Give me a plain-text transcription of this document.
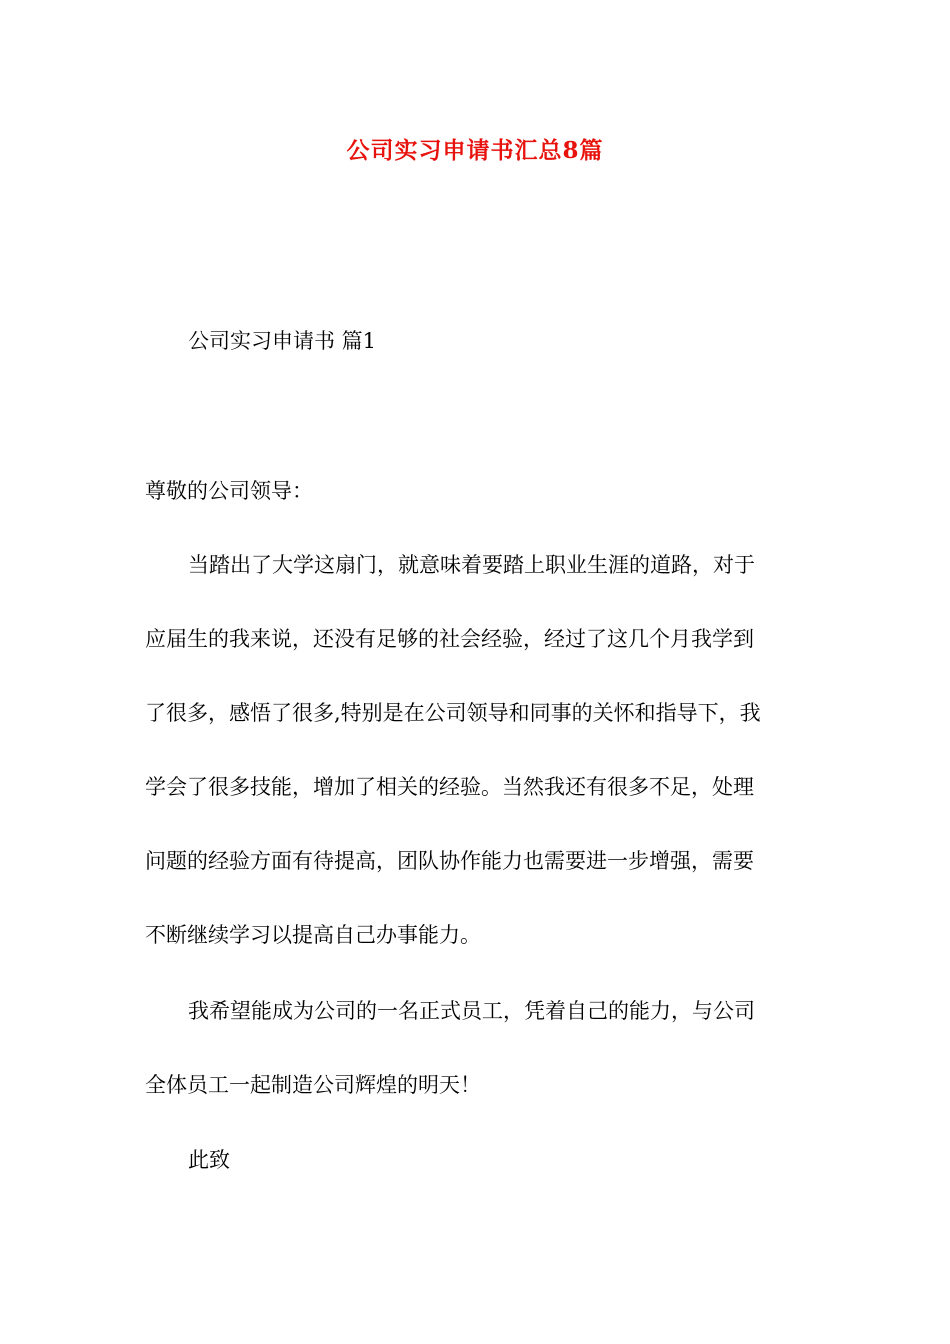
公司实习申请书汇总8篇
公司实习申请书 篇1
尊敬的公司领导：
当踏出了大学这扇门，就意味着要踏上职业生涯的道路，对于
应届生的我来说，还没有足够的社会经验，经过了这几个月我学到
了很多，感悟了很多,特别是在公司领导和同事的关怀和指导下，我
学会了很多技能，增加了相关的经验。当然我还有很多不足，处理
问题的经验方面有待提高，团队协作能力也需要进一步增强，需要
不断继续学习以提高自己办事能力。
我希望能成为公司的一名正式员工，凭着自己的能力，与公司
全体员工一起制造公司辉煌的明天！
此致
